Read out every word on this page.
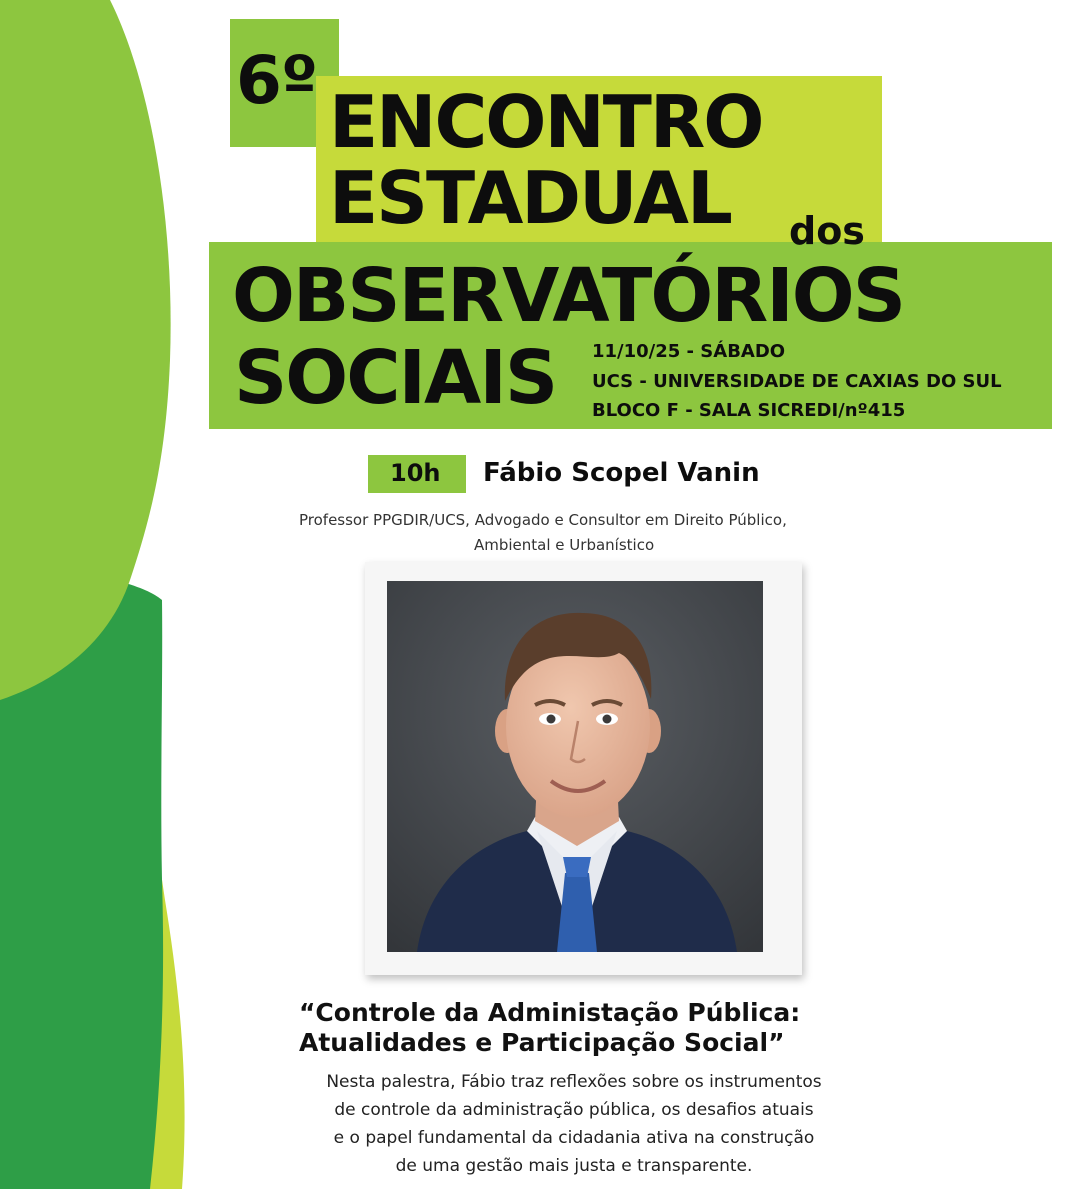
6º ENCONTRO
ESTADUAL dos
OBSERVATÓRIOS
SOCIAIS 11/10/25 - SÁBADO
UCS - UNIVERSIDADE DE CAXIAS DO SUL
BLOCO F - SALA SICREDI/nº415
10h Fábio Scopel Vanin
Professor PPGDIR/UCS, Advogado e Consultor em Direito Público,
Ambiental e Urbanístico
“Controle da Administação Pública:
Atualidades e Participação Social”
Nesta palestra, Fábio traz reflexões sobre os instrumentos
de controle da administração pública, os desafios atuais
e o papel fundamental da cidadania ativa na construção
de uma gestão mais justa e transparente.
